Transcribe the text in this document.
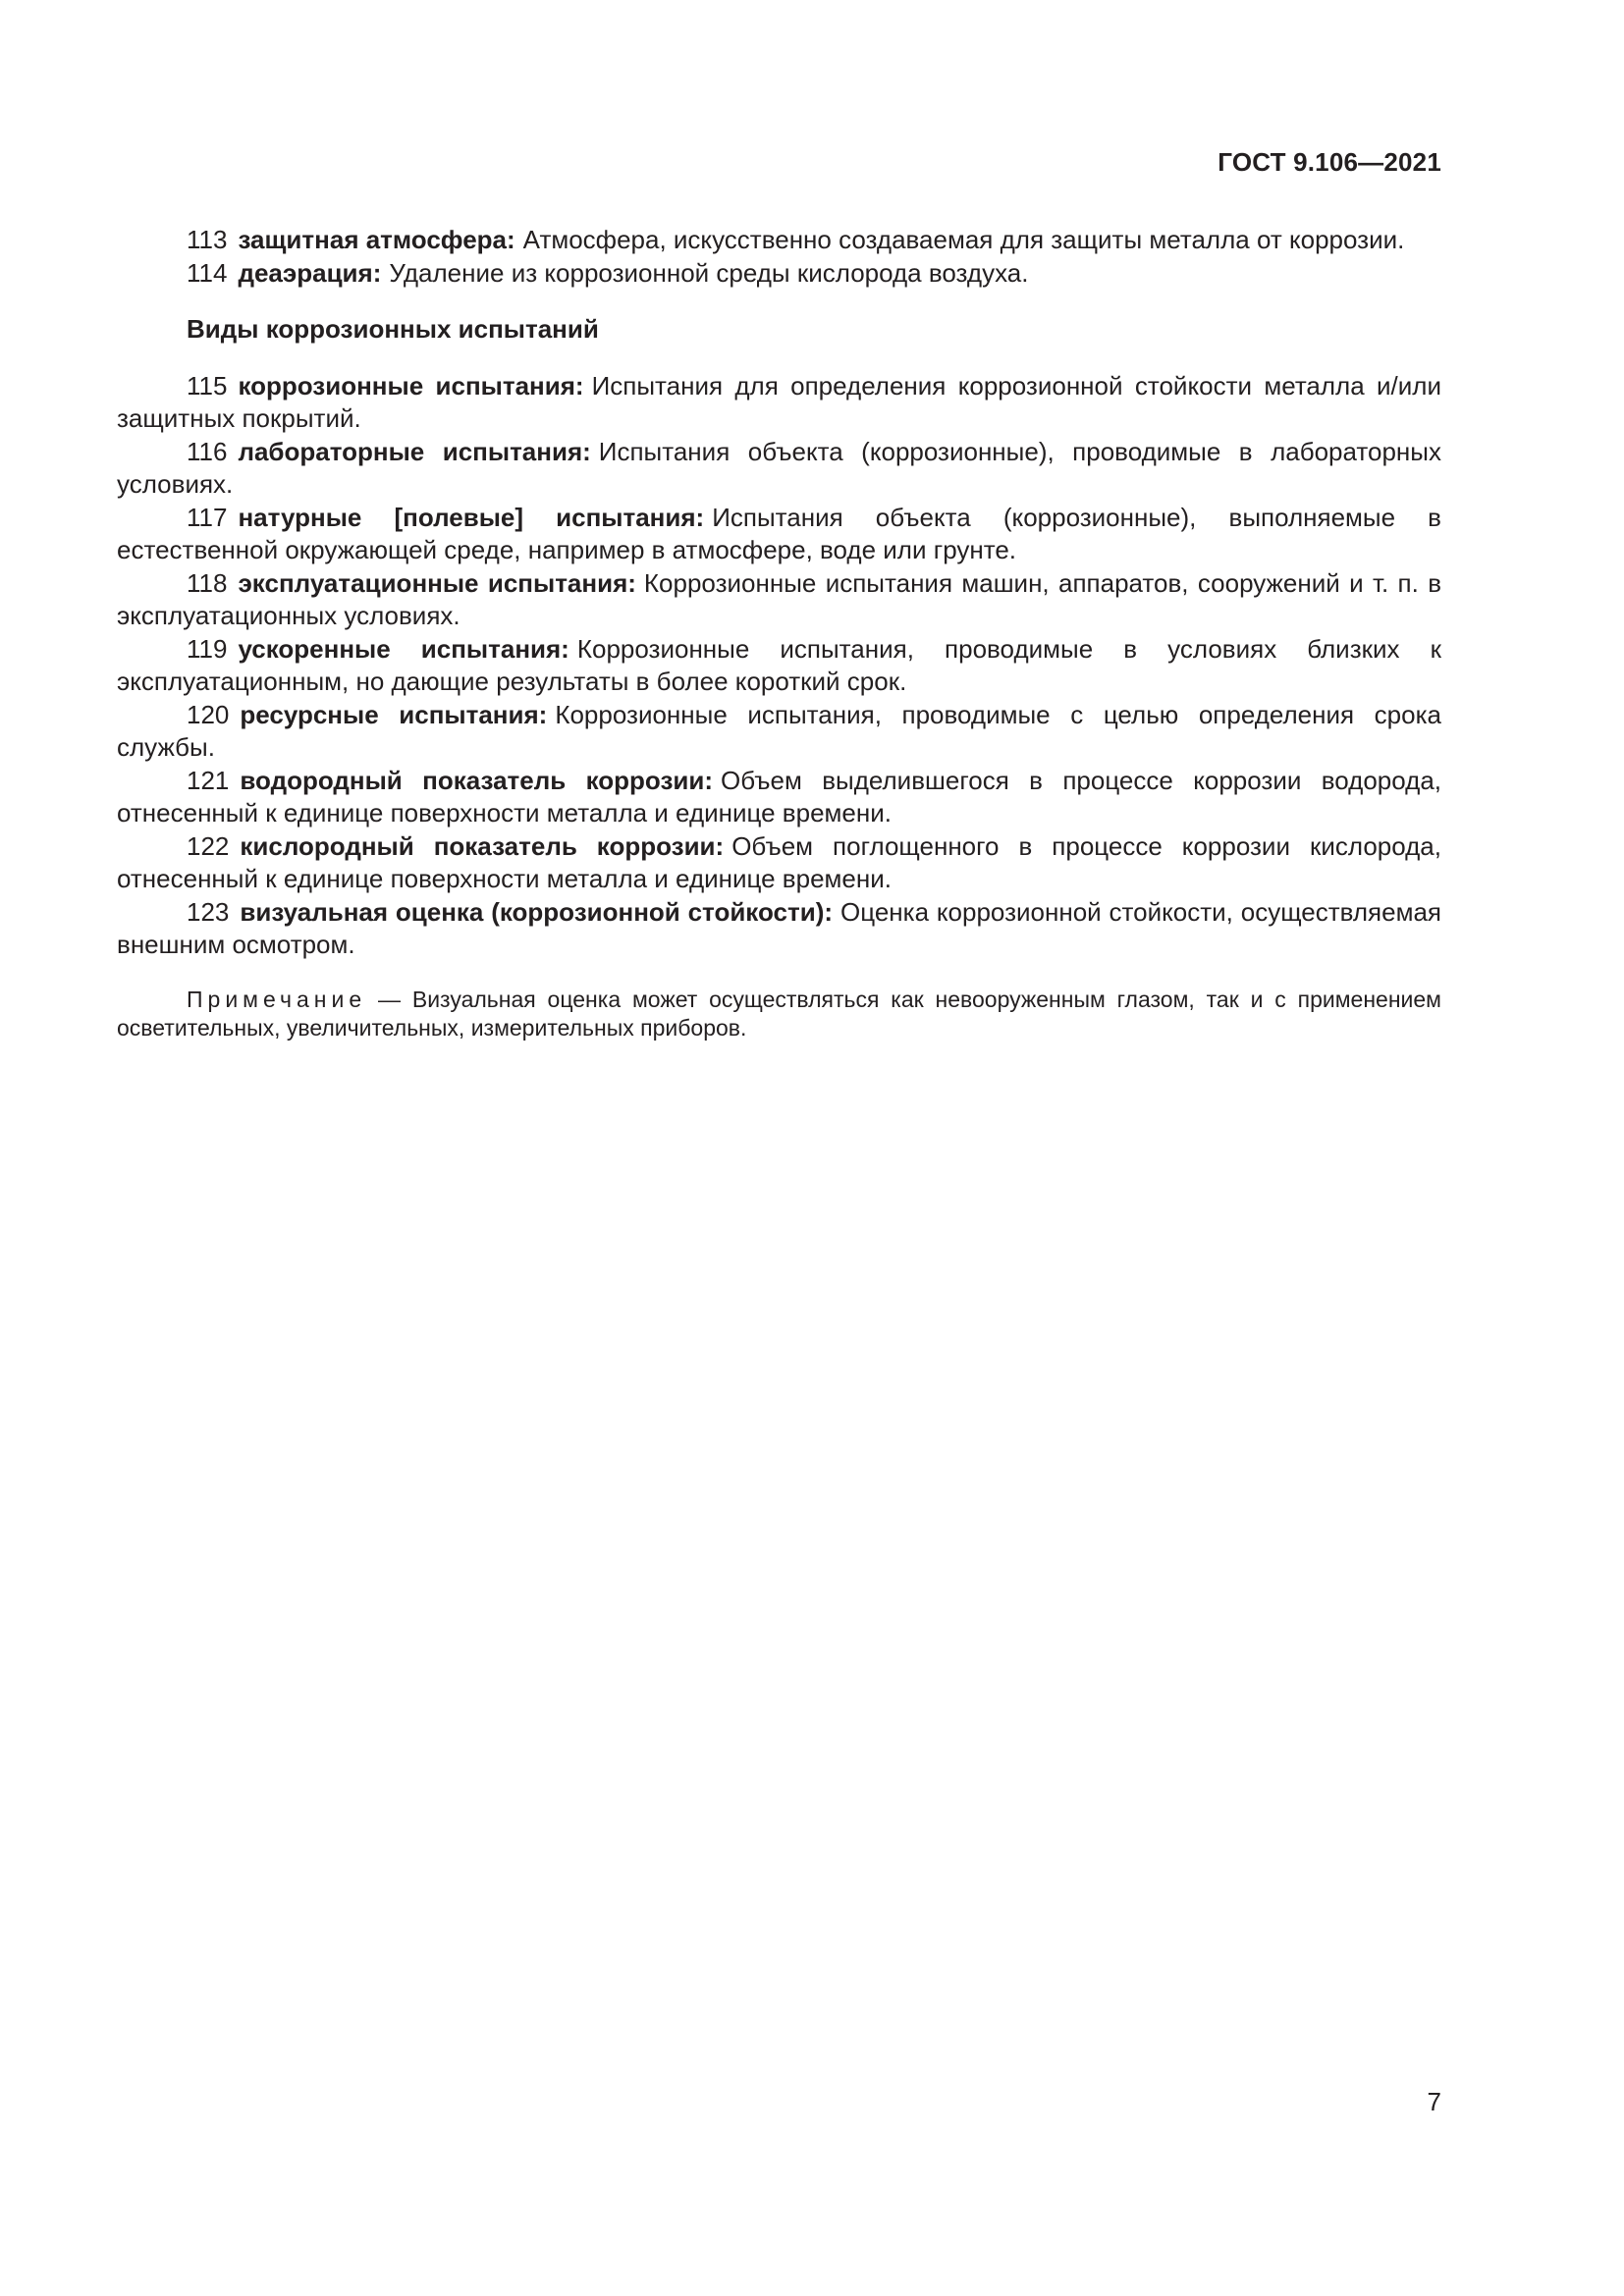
ГОСТ 9.106—2021

113 защитная атмосфера: Атмосфера, искусственно создаваемая для защиты металла от коррозии.

114 деаэрация: Удаление из коррозионной среды кислорода воздуха.

Виды коррозионных испытаний

115 коррозионные испытания: Испытания для определения коррозионной стойкости металла и/или защитных покрытий.

116 лабораторные испытания: Испытания объекта (коррозионные), проводимые в лабораторных условиях.

117 натурные [полевые] испытания: Испытания объекта (коррозионные), выполняемые в естественной окружающей среде, например в атмосфере, воде или грунте.

118 эксплуатационные испытания: Коррозионные испытания машин, аппаратов, сооружений и т. п. в эксплуатационных условиях.

119 ускоренные испытания: Коррозионные испытания, проводимые в условиях близких к эксплуатационным, но дающие результаты в более короткий срок.

120 ресурсные испытания: Коррозионные испытания, проводимые с целью определения срока службы.

121 водородный показатель коррозии: Объем выделившегося в процессе коррозии водорода, отнесенный к единице поверхности металла и единице времени.

122 кислородный показатель коррозии: Объем поглощенного в процессе коррозии кислорода, отнесенный к единице поверхности металла и единице времени.

123 визуальная оценка (коррозионной стойкости): Оценка коррозионной стойкости, осуществляемая внешним осмотром.

Примечание — Визуальная оценка может осуществляться как невооруженным глазом, так и с применением осветительных, увеличительных, измерительных приборов.

7
